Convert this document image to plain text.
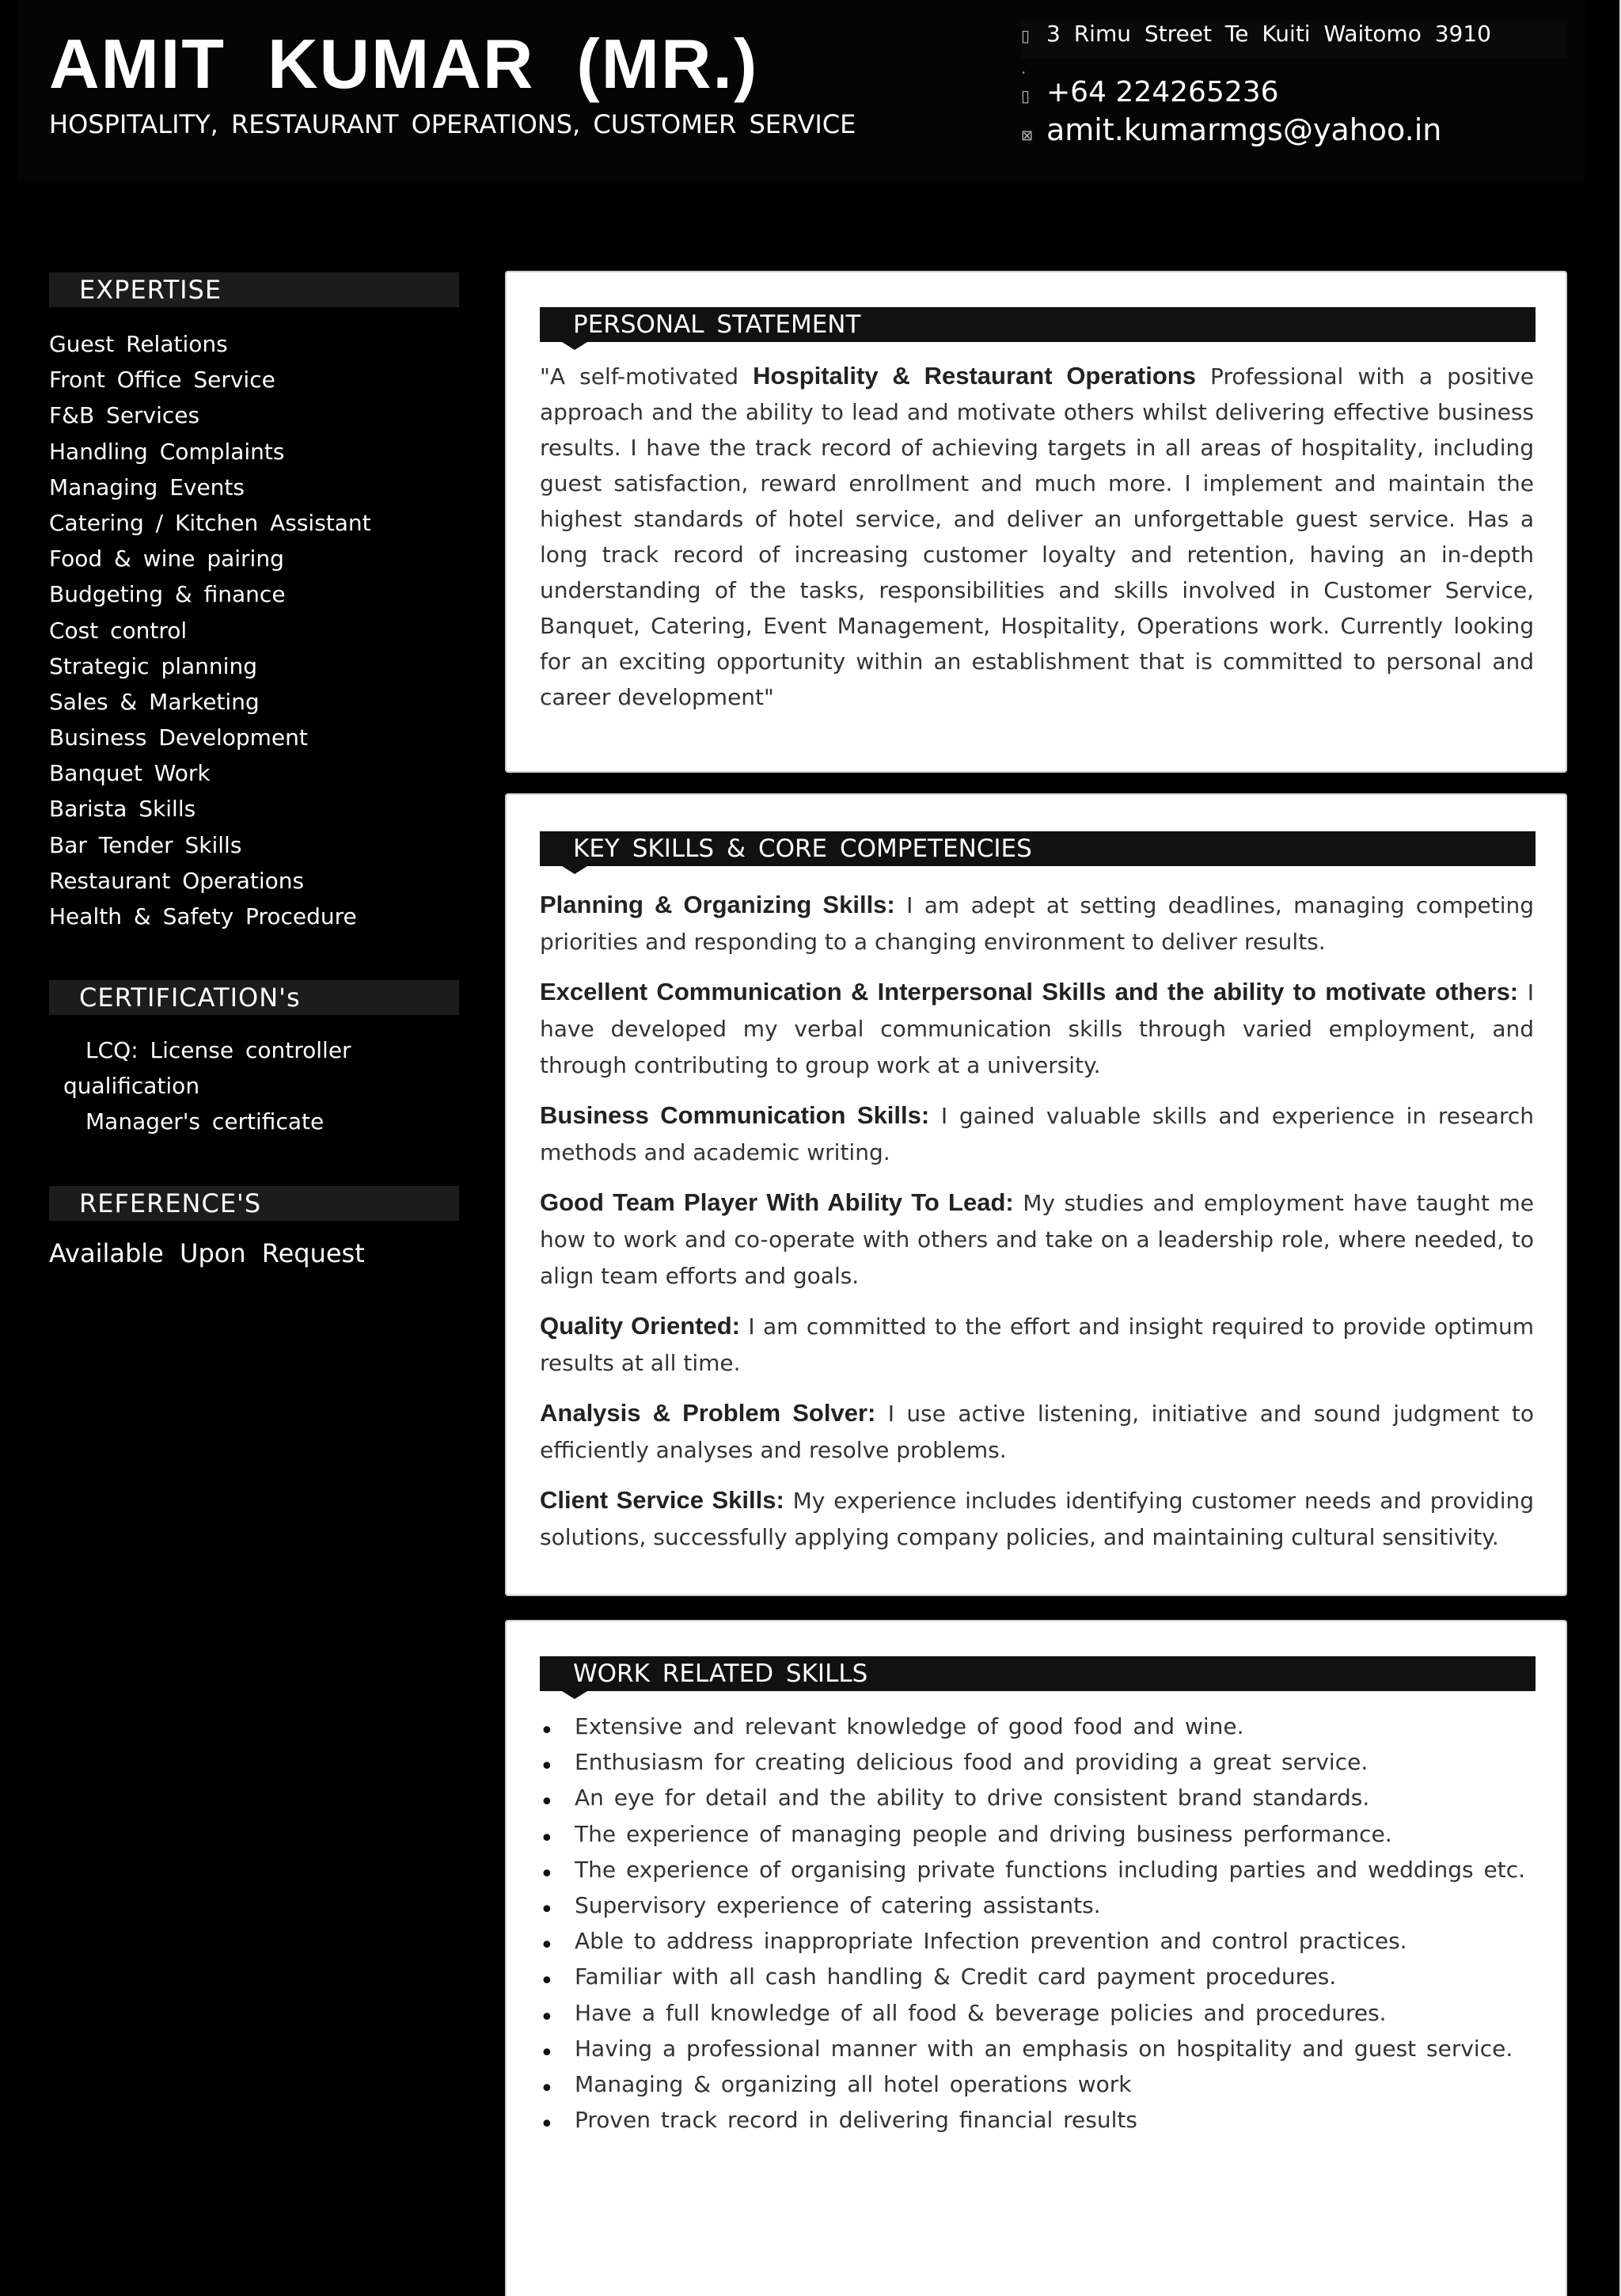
AMIT  KUMAR  (MR.)
HOSPITALITY, RESTAURANT OPERATIONS, CUSTOMER SERVICE
▯ 3 Rimu Street Te Kuiti Waitomo 3910
.
▯ +64 224265236
⊠ amit.kumarmgs@yahoo.in
EXPERTISE
Guest Relations
Front Office Service
F&B Services
Handling Complaints
Managing Events
Catering / Kitchen Assistant
Food & wine pairing
Budgeting & finance
Cost control
Strategic planning
Sales & Marketing
Business Development
Banquet Work
Barista Skills
Bar Tender Skills
Restaurant Operations
Health & Safety Procedure
CERTIFICATION's
LCQ: License controller
qualification
Manager's certificate
REFERENCE'S
Available Upon Request
PERSONAL STATEMENT
"A self-motivated Hospitality & Restaurant Operations Professional with a positive approach and the ability to lead and motivate others whilst delivering effective business results. I have the track record of achieving targets in all areas of hospitality, including guest satisfaction, reward enrollment and much more. I implement and maintain the highest standards of hotel service, and deliver an unforgettable guest service. Has a long track record of increasing customer loyalty and retention, having an in-depth understanding of the tasks, responsibilities and skills involved in Customer Service, Banquet, Catering, Event Management, Hospitality, Operations work. Currently looking for an exciting opportunity within an establishment that is committed to personal and career development"
KEY SKILLS & CORE COMPETENCIES
Planning & Organizing Skills: I am adept at setting deadlines, managing competing priorities and responding to a changing environment to deliver results.
Excellent Communication & Interpersonal Skills and the ability to motivate others: I have developed my verbal communication skills through varied employment, and through contributing to group work at a university.
Business Communication Skills: I gained valuable skills and experience in research methods and academic writing.
Good Team Player With Ability To Lead: My studies and employment have taught me how to work and co-operate with others and take on a leadership role, where needed, to align team efforts and goals.
Quality Oriented: I am committed to the effort and insight required to provide optimum results at all time.
Analysis & Problem Solver: I use active listening, initiative and sound judgment to efficiently analyses and resolve problems.
Client Service Skills: My experience includes identifying customer needs and providing solutions, successfully applying company policies, and maintaining cultural sensitivity.
WORK RELATED SKILLS
• Extensive and relevant knowledge of good food and wine.
• Enthusiasm for creating delicious food and providing a great service.
• An eye for detail and the ability to drive consistent brand standards.
• The experience of managing people and driving business performance.
• The experience of organising private functions including parties and weddings etc.
• Supervisory experience of catering assistants.
• Able to address inappropriate Infection prevention and control practices.
• Familiar with all cash handling & Credit card payment procedures.
• Have a full knowledge of all food & beverage policies and procedures.
• Having a professional manner with an emphasis on hospitality and guest service.
• Managing & organizing all hotel operations work
• Proven track record in delivering financial results
